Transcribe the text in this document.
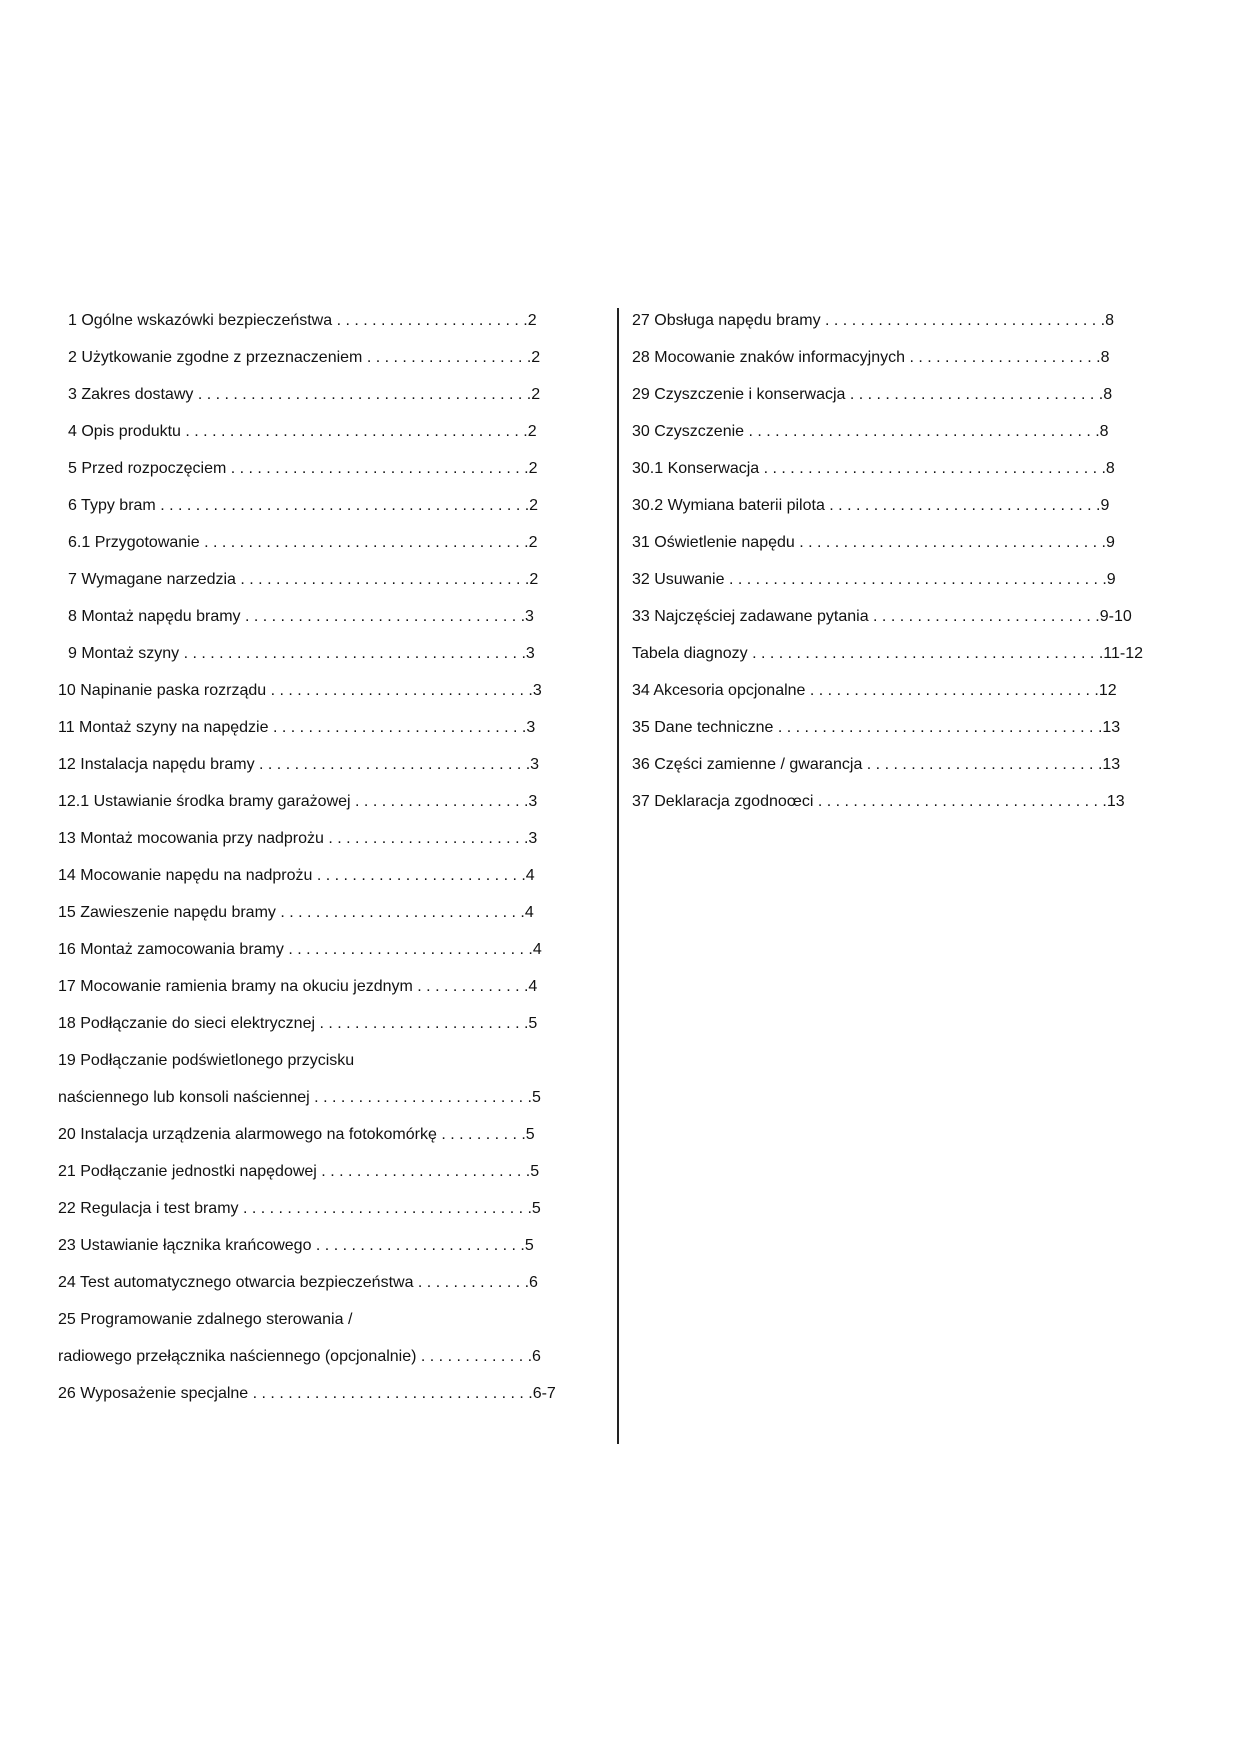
1 Ogólne wskazówki bezpieczeństwa . . . . . . . . . . . . . . . . . . . . . .2
2 Użytkowanie zgodne z przeznaczeniem . . . . . . . . . . . . . . . . . . .2
3 Zakres dostawy . . . . . . . . . . . . . . . . . . . . . . . . . . . . . . . . . . . . . .2
4 Opis produktu . . . . . . . . . . . . . . . . . . . . . . . . . . . . . . . . . . . . . . .2
5 Przed rozpoczęciem . . . . . . . . . . . . . . . . . . . . . . . . . . . . . . . . . .2
6 Typy bram . . . . . . . . . . . . . . . . . . . . . . . . . . . . . . . . . . . . . . . . . .2
6.1 Przygotowanie . . . . . . . . . . . . . . . . . . . . . . . . . . . . . . . . . . . . .2
7 Wymagane narzedzia . . . . . . . . . . . . . . . . . . . . . . . . . . . . . . . . .2
8 Montaż napędu bramy . . . . . . . . . . . . . . . . . . . . . . . . . . . . . . . .3
9 Montaż szyny . . . . . . . . . . . . . . . . . . . . . . . . . . . . . . . . . . . . . . .3
10 Napinanie paska rozrządu . . . . . . . . . . . . . . . . . . . . . . . . . . . . . .3
11 Montaż szyny na napędzie . . . . . . . . . . . . . . . . . . . . . . . . . . . . .3
12 Instalacja napędu bramy . . . . . . . . . . . . . . . . . . . . . . . . . . . . . . .3
12.1 Ustawianie środka bramy garażowej . . . . . . . . . . . . . . . . . . . .3
13 Montaż mocowania przy nadprożu . . . . . . . . . . . . . . . . . . . . . . .3
14 Mocowanie napędu na nadprożu . . . . . . . . . . . . . . . . . . . . . . . .4
15 Zawieszenie napędu bramy . . . . . . . . . . . . . . . . . . . . . . . . . . . .4
16 Montaż zamocowania bramy . . . . . . . . . . . . . . . . . . . . . . . . . . . .4
17 Mocowanie ramienia bramy na okuciu jezdnym . . . . . . . . . . . . .4
18 Podłączanie do sieci elektrycznej . . . . . . . . . . . . . . . . . . . . . . . .5
19 Podłączanie podświetlonego przycisku
naściennego lub konsoli naściennej . . . . . . . . . . . . . . . . . . . . . . . . .5
20 Instalacja urządzenia alarmowego na fotokomórkę . . . . . . . . . .5
21 Podłączanie jednostki napędowej . . . . . . . . . . . . . . . . . . . . . . . .5
22 Regulacja i test bramy . . . . . . . . . . . . . . . . . . . . . . . . . . . . . . . . .5
23 Ustawianie łącznika krańcowego . . . . . . . . . . . . . . . . . . . . . . . .5
24 Test automatycznego otwarcia bezpieczeństwa . . . . . . . . . . . . .6
25 Programowanie zdalnego sterowania /
radiowego przełącznika naściennego (opcjonalnie) . . . . . . . . . . . . .6
26 Wyposażenie specjalne . . . . . . . . . . . . . . . . . . . . . . . . . . . . . . . .6-7
27 Obsługa napędu bramy . . . . . . . . . . . . . . . . . . . . . . . . . . . . . . . .8
28 Mocowanie znaków informacyjnych . . . . . . . . . . . . . . . . . . . . . .8
29 Czyszczenie i konserwacja . . . . . . . . . . . . . . . . . . . . . . . . . . . . .8
30 Czyszczenie . . . . . . . . . . . . . . . . . . . . . . . . . . . . . . . . . . . . . . . .8
30.1 Konserwacja . . . . . . . . . . . . . . . . . . . . . . . . . . . . . . . . . . . . . . .8
30.2 Wymiana baterii pilota . . . . . . . . . . . . . . . . . . . . . . . . . . . . . . .9
31 Oświetlenie napędu . . . . . . . . . . . . . . . . . . . . . . . . . . . . . . . . . . .9
32 Usuwanie . . . . . . . . . . . . . . . . . . . . . . . . . . . . . . . . . . . . . . . . . . .9
33 Najczęściej zadawane pytania . . . . . . . . . . . . . . . . . . . . . . . . . .9-10
Tabela diagnozy . . . . . . . . . . . . . . . . . . . . . . . . . . . . . . . . . . . . . . . .11-12
34 Akcesoria opcjonalne . . . . . . . . . . . . . . . . . . . . . . . . . . . . . . . . .12
35 Dane techniczne . . . . . . . . . . . . . . . . . . . . . . . . . . . . . . . . . . . . .13
36 Części zamienne / gwarancja . . . . . . . . . . . . . . . . . . . . . . . . . . .13
37 Deklaracja zgodnoœci . . . . . . . . . . . . . . . . . . . . . . . . . . . . . . . . .13
